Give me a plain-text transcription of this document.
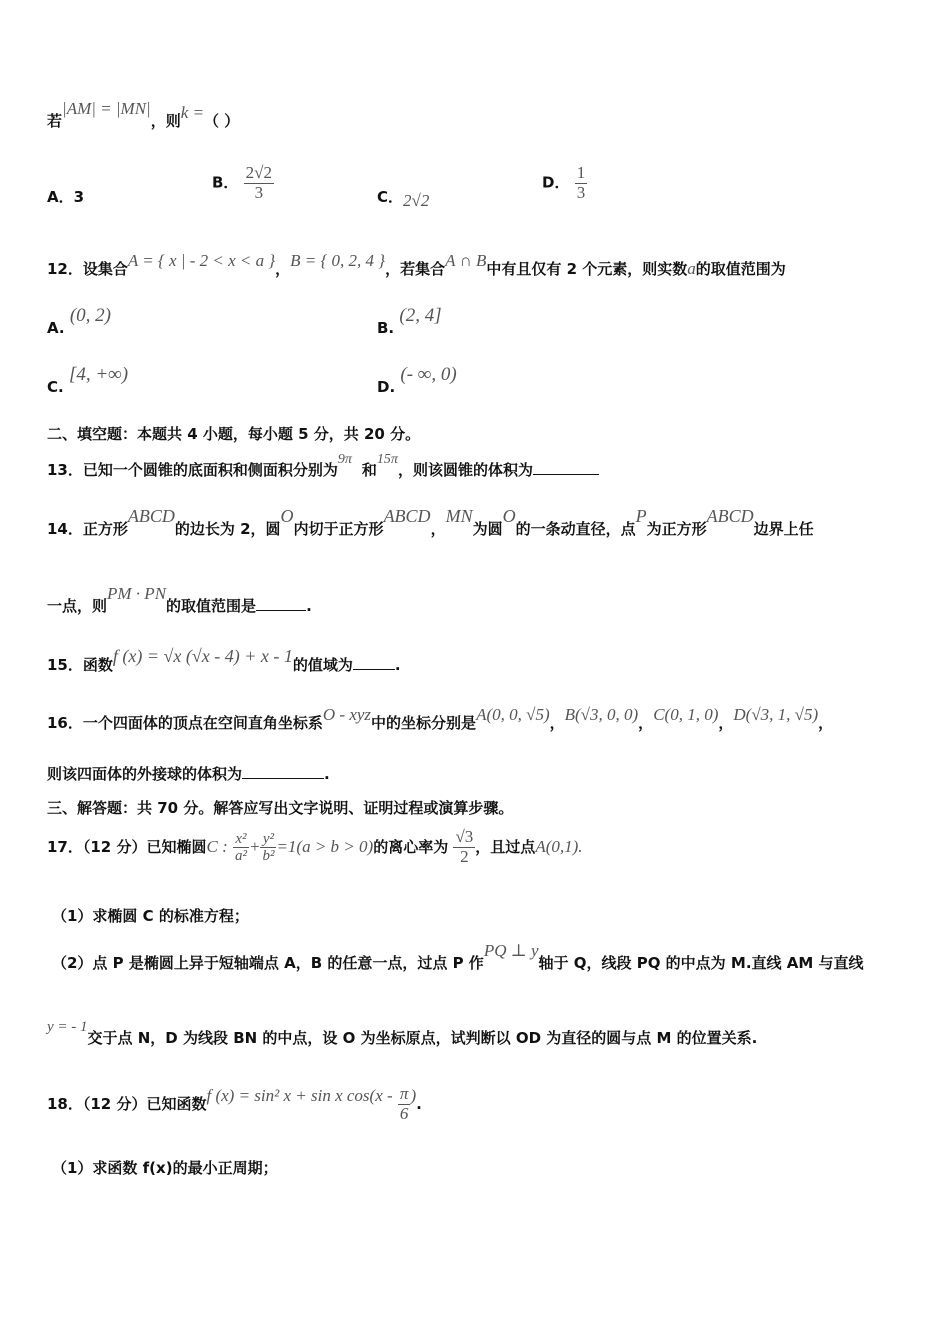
若|AM| = |MN|，则k =（ ）
A．3
B． $\frac{2√2}{3}$	C．2√2
D． $\frac{1}{3}$
12．设集合A = { x | - 2 < x < a }，B = { 0, 2, 4 }，若集合A ∩ B中有且仅有 2 个元素，则实数a的取值范围为
A. (0, 2)
B. (2, 4]
C. [4, +∞)
D. (- ∞, 0)
二、填空题：本题共 4 小题，每小题 5 分，共 20 分。
13．已知一个圆锥的底面积和侧面积分别为9π和15π，则该圆锥的体积为
14．正方形ABCD的边长为 2，圆O内切于正方形ABCD，MN为圆O的一条动直径，点P为正方形ABCD边界上任
一点，则PM · PN的取值范围是	.
15．函数f (x) = √x (√x - 4) + x - 1的值域为	.
16．一个四面体的顶点在空间直角坐标系O - xyz中的坐标分别是A(0, 0, √5)，B(√3, 0, 0)，C(0, 1, 0)，D(√3, 1, √5)，
则该四面体的外接球的体积为	.
三、解答题：共 70 分。解答应写出文字说明、证明过程或演算步骤。
17．（12 分）已知椭圆C : $\frac{\text{x²}}{\text{a²}} + \frac{\text{y²}}{\text{b²}} =1(a > b > 0)$的离心率为 $\frac{√3}{2}$ ，且过点A(0,1).
（1）求椭圆 C 的标准方程；
（2）点 P 是椭圆上异于短轴端点 A，B 的任意一点，过点 P 作PQ ⊥ y轴于 Q，线段 PQ 的中点为 M.直线 AM 与直线
y = - 1交于点 N，D 为线段 BN 的中点，设 O 为坐标原点，试判断以 OD 为直径的圆与点 M 的位置关系.
18．（12 分）已知函数f (x) = sin² x + sin x $\cos(x - \frac{\pi}{6}$ ).
（1）求函数 f(x)的最小正周期；
